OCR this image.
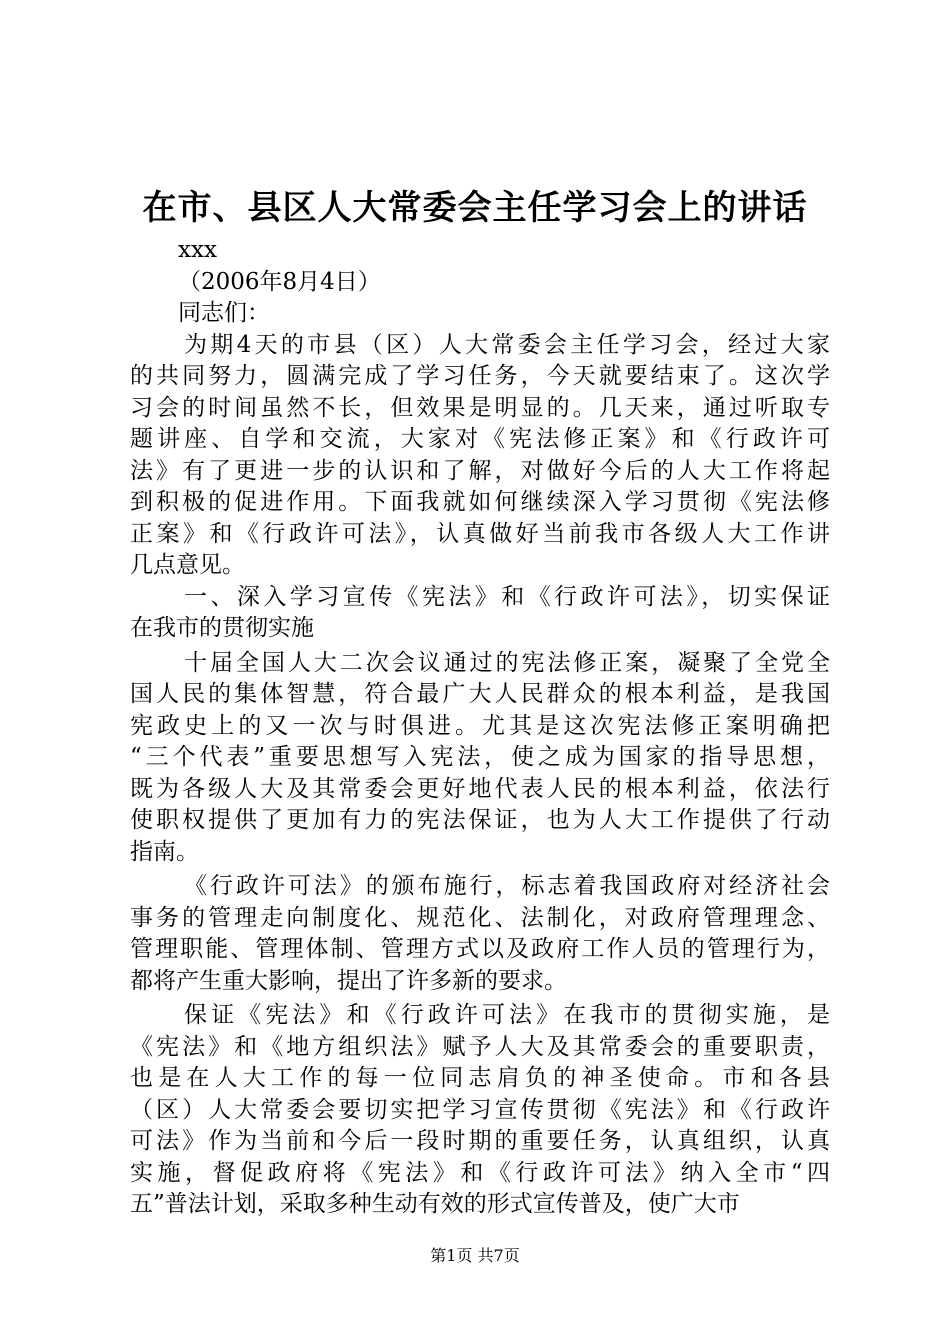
在市、县区人大常委会主任学习会上的讲话
xxx
（2006年8月4日）
同志们：
为期4天的市县（区）人大常委会主任学习会，经过大家
的共同努力，圆满完成了学习任务，今天就要结束了。这次学
习会的时间虽然不长，但效果是明显的。几天来，通过听取专
题讲座、自学和交流，大家对《宪法修正案》和《行政许可
法》有了更进一步的认识和了解，对做好今后的人大工作将起
到积极的促进作用。下面我就如何继续深入学习贯彻《宪法修
正案》和《行政许可法》，认真做好当前我市各级人大工作讲
几点意见。
一、深入学习宣传《宪法》和《行政许可法》，切实保证
在我市的贯彻实施
十届全国人大二次会议通过的宪法修正案，凝聚了全党全
国人民的集体智慧，符合最广大人民群众的根本利益，是我国
宪政史上的又一次与时俱进。尤其是这次宪法修正案明确把
“三个代表”重要思想写入宪法，使之成为国家的指导思想，
既为各级人大及其常委会更好地代表人民的根本利益，依法行
使职权提供了更加有力的宪法保证，也为人大工作提供了行动
指南。
《行政许可法》的颁布施行，标志着我国政府对经济社会
事务的管理走向制度化、规范化、法制化，对政府管理理念、
管理职能、管理体制、管理方式以及政府工作人员的管理行为，
都将产生重大影响，提出了许多新的要求。
保证《宪法》和《行政许可法》在我市的贯彻实施，是
《宪法》和《地方组织法》赋予人大及其常委会的重要职责，
也是在人大工作的每一位同志肩负的神圣使命。市和各县
（区）人大常委会要切实把学习宣传贯彻《宪法》和《行政许
可法》作为当前和今后一段时期的重要任务，认真组织，认真
实施，督促政府将《宪法》和《行政许可法》纳入全市“四
五”普法计划，采取多种生动有效的形式宣传普及，使广大市
第1页 共7页
